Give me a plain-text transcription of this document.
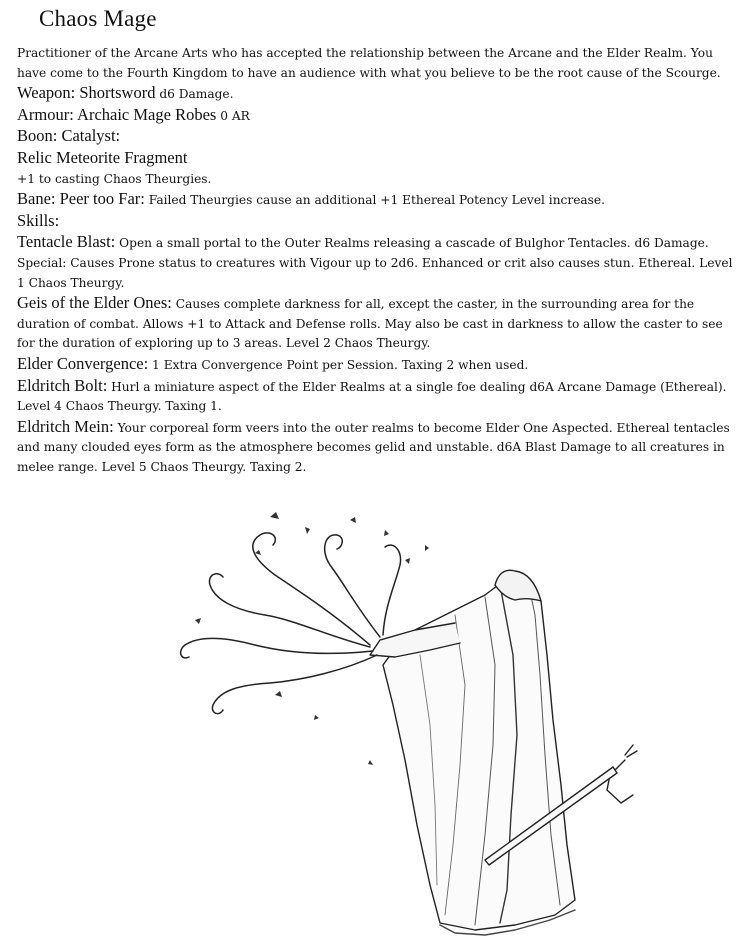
Chaos Mage

Practitioner of the Arcane Arts who has accepted the relationship between the Arcane and the Elder Realm. You have come to the Fourth Kingdom to have an audience with what you believe to be the root cause of the Scourge.

Weapon: Shortsword d6 Damage.

Armour: Archaic Mage Robes 0 AR

Boon: Catalyst:

Relic Meteorite Fragment

+1 to casting Chaos Theurgies.

Bane: Peer too Far: Failed Theurgies cause an additional +1 Ethereal Potency Level increase.

Skills:

Tentacle Blast: Open a small portal to the Outer Realms releasing a cascade of Bulghor Tentacles. d6 Damage. Special: Causes Prone status to creatures with Vigour up to 2d6. Enhanced or crit also causes stun. Ethereal. Level 1 Chaos Theurgy.

Geis of the Elder Ones: Causes complete darkness for all, except the caster, in the surrounding area for the duration of combat. Allows +1 to Attack and Defense rolls. May also be cast in darkness to allow the caster to see for the duration of exploring up to 3 areas. Level 2 Chaos Theurgy.

Elder Convergence: 1 Extra Convergence Point per Session. Taxing 2 when used.

Eldritch Bolt: Hurl a miniature aspect of the Elder Realms at a single foe dealing d6A Arcane Damage (Ethereal). Level 4 Chaos Theurgy. Taxing 1.

Eldritch Mein: Your corporeal form veers into the outer realms to become Elder One Aspected. Ethereal tentacles and many clouded eyes form as the atmosphere becomes gelid and unstable. d6A Blast Damage to all creatures in melee range. Level 5 Chaos Theurgy. Taxing 2.
